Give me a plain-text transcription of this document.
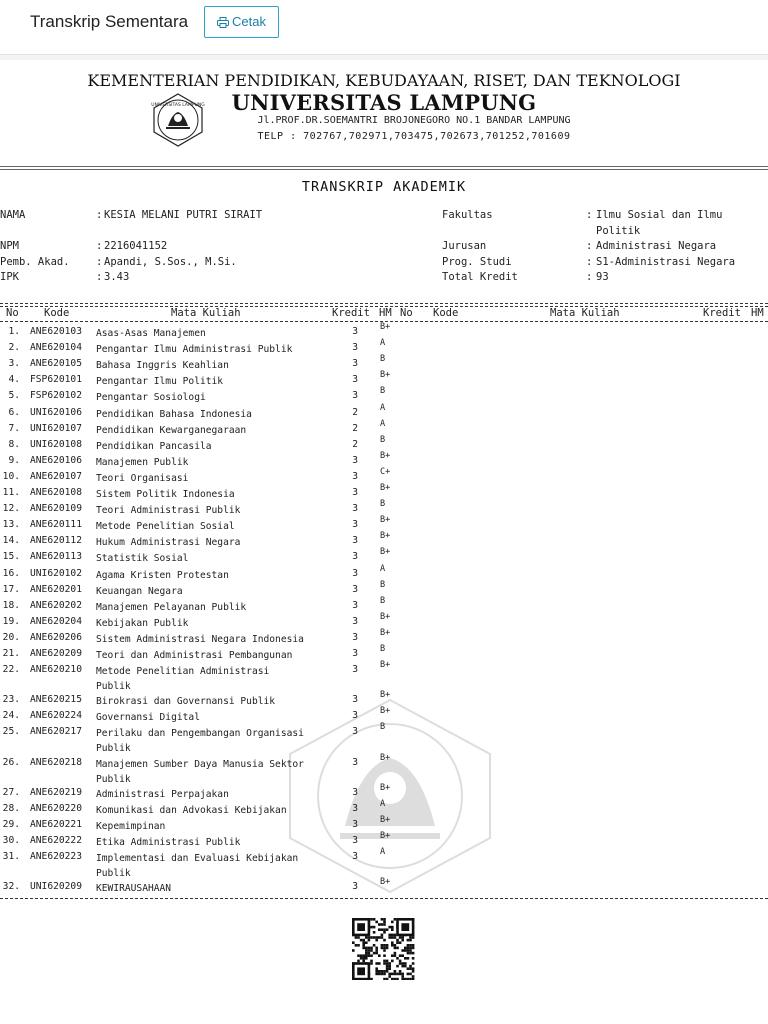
Transkrip Sementara	Cetak
UNIVERSITAS LAMPUNG
KEMENTERIAN PENDIDIKAN, KEBUDAYAAN, RISET, DAN TEKNOLOGI
UNIVERSITAS LAMPUNG
Jl.PROF.DR.SOEMANTRI BROJONEGORO NO.1 BANDAR LAMPUNG
TELP : 702767,702971,703475,702673,701252,701609
TRANSKRIP AKADEMIK
NAMA	: KESIA MELANI PUTRI SIRAIT
NPM	: 2216041152
Pemb. Akad.	: Apandi, S.Sos., M.Si.
IPK	: 3.43
Fakultas	: Ilmu Sosial dan Ilmu
Politik
Jurusan	: Administrasi Negara
Prog. Studi	: S1-Administrasi Negara
Total Kredit	: 93
No Kode	Mata Kuliah	Kredit HM No Kode	Mata Kuliah	Kredit HM
1. ANE620103 Asas-Asas Manajemen	3	B+
2. ANE620104 Pengantar Ilmu Administrasi Publik	3	A
3. ANE620105 Bahasa Inggris Keahlian	3	B
4. FSP620101 Pengantar Ilmu Politik	3	B+
5. FSP620102 Pengantar Sosiologi	3	B
6. UNI620106 Pendidikan Bahasa Indonesia	2	A
7. UNI620107 Pendidikan Kewarganegaraan	2	A
8. UNI620108 Pendidikan Pancasila	2	B
9. ANE620106 Manajemen Publik	3	B+
10. ANE620107 Teori Organisasi	3	C+
11. ANE620108 Sistem Politik Indonesia	3	B+
12. ANE620109 Teori Administrasi Publik	3	B
13. ANE620111 Metode Penelitian Sosial	3	B+
14. ANE620112 Hukum Administrasi Negara	3	B+
15. ANE620113 Statistik Sosial	3	B+
16. UNI620102 Agama Kristen Protestan	3	A
17. ANE620201 Keuangan Negara	3	B
18. ANE620202 Manajemen Pelayanan Publik	3	B
19. ANE620204 Kebijakan Publik	3	B+
20. ANE620206 Sistem Administrasi Negara Indonesia	3	B+
21. ANE620209 Teori dan Administrasi Pembangunan	3	B
22. ANE620210 Metode Penelitian Administrasi
Publik
3	B+
23. ANE620215 Birokrasi dan Governansi Publik	3	B+
24. ANE620224 Governansi Digital	3	B+
25. ANE620217 Perilaku dan Pengembangan Organisasi
Publik
3	B
26. ANE620218 Manajemen Sumber Daya Manusia Sektor
Publik
3	B+
27. ANE620219 Administrasi Perpajakan	3	B+
28. ANE620220 Komunikasi dan Advokasi Kebijakan	3	A
29. ANE620221 Kepemimpinan	3	B+
30. ANE620222 Etika Administrasi Publik	3	B+
31. ANE620223 Implementasi dan Evaluasi Kebijakan
Publik
3	A
32. UNI620209 KEWIRAUSAHAAN	3	B+
